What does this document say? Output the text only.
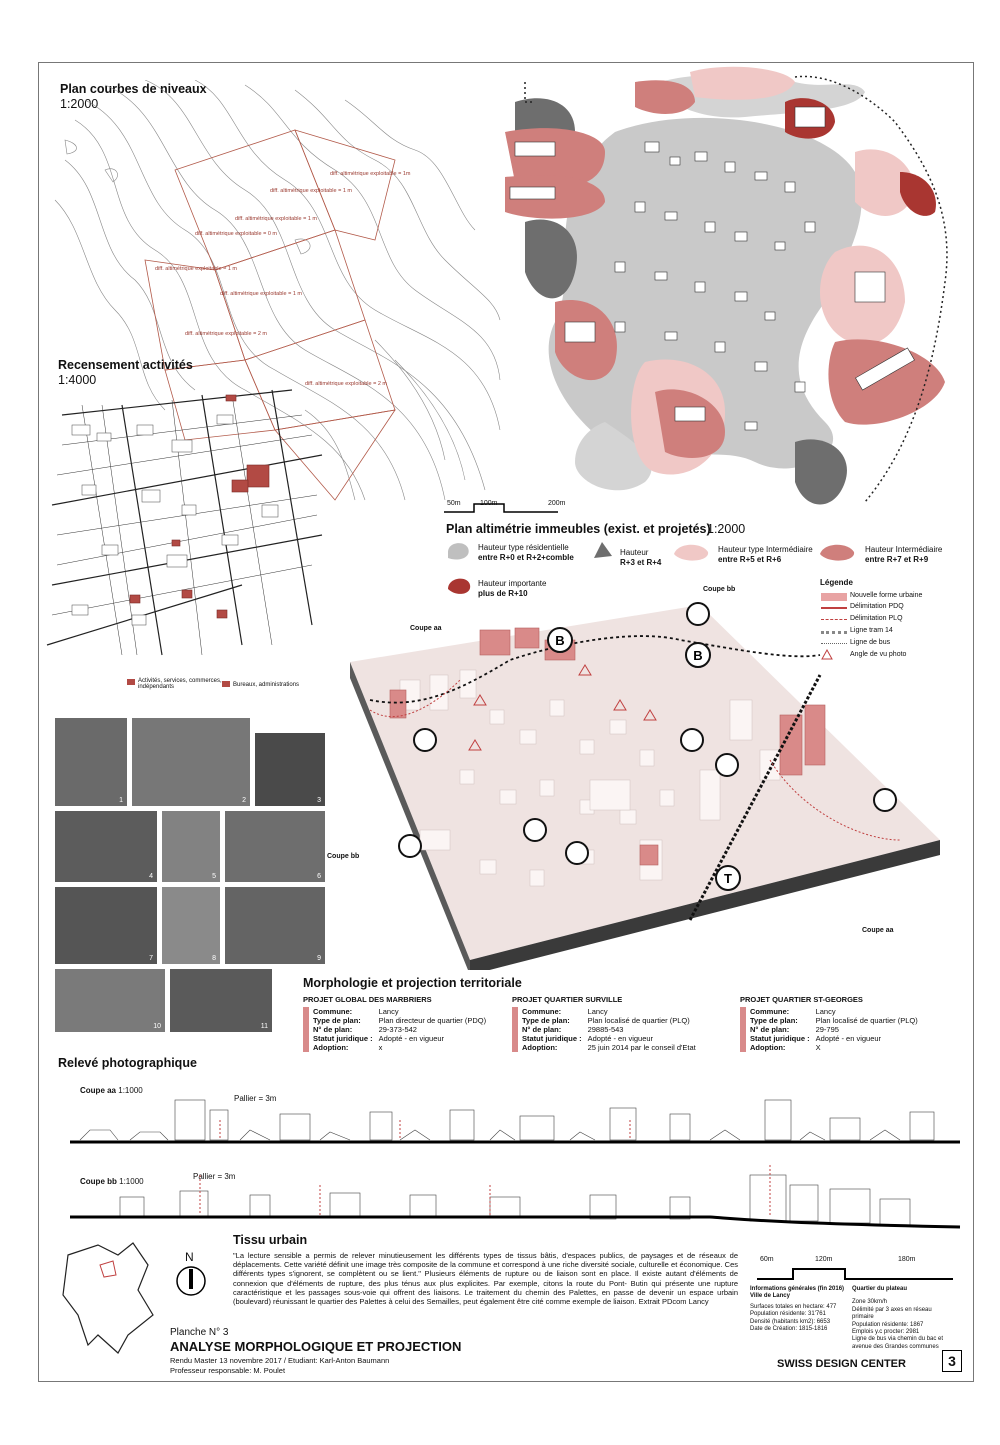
Plan courbes de niveaux
1:2000
diff. altimétrique exploitable = 1m
diff. altimétrique exploitable = 1 m
diff. altimétrique exploitable = 0 m
diff. altimétrique exploitable = 1 m
diff. altimétrique exploitable = 1 m
diff. altimétrique exploitable = 1 m
diff. altimétrique exploitable = 2 m
diff. altimétrique exploitable = 2 m
Recensement activités
1:4000
Activités, services, commerces, indépendants	Bureaux, administrations
50m	100m	200m
Plan altimétrie immeubles (exist. et projetés)
1:2000
Hauteur type résidentielle
entre R+0 et R+2+comble
Hauteur
R+3 et R+4
Hauteur type Intermédiaire
entre R+5 et R+6
Hauteur Intermédiaire
entre R+7 et R+9
Hauteur importante
plus de R+10
B
B
T
Coupe aa
Coupe bb
Coupe bb
Coupe aa
Légende
Nouvelle forme urbaine
Délimitation PDQ
Délimitation PLQ
Ligne tram 14
Ligne de bus
Angle de vu photo
1	2	3
4	5	6
7	8	9
10	11
Relevé photographique
Morphologie et projection territoriale
PROJET GLOBAL DES MARBRIERS
Commune:	Lancy
Type de plan:	Plan directeur de quartier (PDQ)
N° de plan:	29-373-542
Statut juridique :	Adopté - en vigueur
Adoption:	x
PROJET QUARTIER SURVILLE
Commune:	Lancy
Type de plan:	Plan localisé de quartier (PLQ)
N° de plan:	29885-543
Statut juridique :	Adopté - en vigueur
Adoption:	25 juin 2014 par le conseil d'Etat
PROJET QUARTIER ST-GEORGES
Commune:	Lancy
Type de plan:	Plan localisé de quartier (PLQ)
N° de plan:	29-795
Statut juridique :	Adopté - en vigueur
Adoption:	X
Coupe aa 1:1000
Pallier = 3m
Coupe bb 1:1000
Pallier = 3m
Tissu urbain
N	"La lecture sensible a permis de relever minutieusement les différents types de tissus bâtis, d'espaces publics, de paysages et de réseaux de déplacements. Cette variété définit une image très composite de la commune et correspond à une riche diversité sociale, culturelle et économique. Ces différents types s'ignorent, se complètent ou se lient." Plusieurs éléments de rupture ou de liaison sont en place. Il existe autant d'éléments de connexion que d'éléments de rupture, des plus ténus aux plus explicites. Par exemple, citons la route du Pont- Butin qui présente une rupture caractéristique et les passages sous-voie qui offrent des liaisons. Le traitement du chemin des Palettes, en passe de devenir un espace urbain (boulevard) réunissant le quartier des Palettes à celui des Semailles, peut également être cité comme exemple de liaison. Extrait PDcom Lancy
60m	120m	180m
Informations générales (fin 2016)
Ville de Lancy
Surfaces totales en hectare: 477
Population résidente: 31'761
Densité (habitants km2): 6653
Date de Création: 1815-1816
Quartier du plateau
Zone 30km/h
Délimité par 3 axes en réseau primaire
Population résidente: 1867
Emplois y.c procter: 2981
Ligne de bus via chemin du bac et avenue des Grandes communes
Planche N° 3
ANALYSE MORPHOLOGIQUE ET PROJECTION
Rendu Master 13 novembre 2017 / Etudiant: Karl-Anton Baumann
Professeur responsable: M. Poulet
SWISS DESIGN CENTER	3
